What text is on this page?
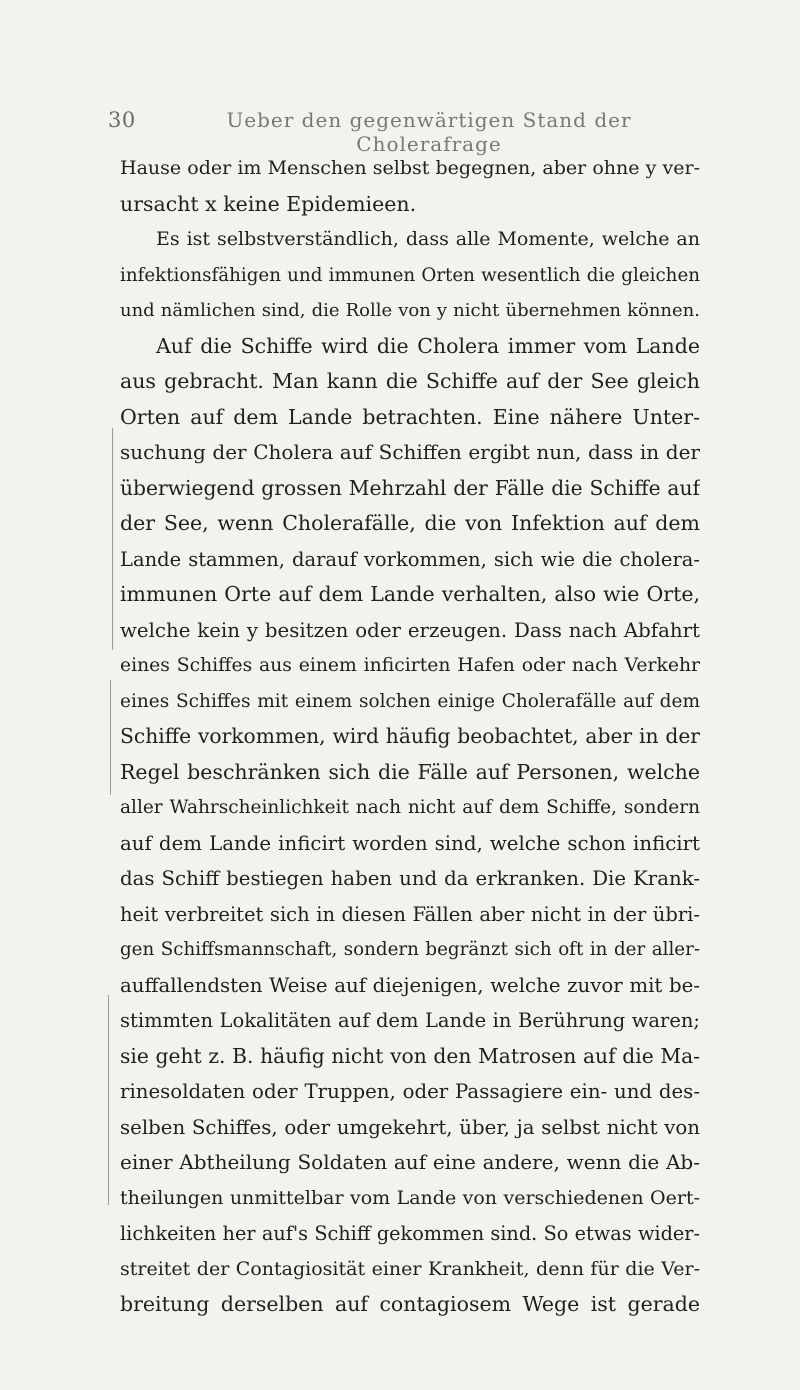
30	Ueber den gegenwärtigen Stand der Cholerafrage
Hause oder im Menschen selbst begegnen, aber ohne y ver-
ursacht x keine Epidemieen.
Es ist selbstverständlich, dass alle Momente, welche an
infektionsfähigen und immunen Orten wesentlich die gleichen
und nämlichen sind, die Rolle von y nicht übernehmen können.
Auf die Schiffe wird die Cholera immer vom Lande
aus gebracht. Man kann die Schiffe auf der See gleich
Orten auf dem Lande betrachten. Eine nähere Unter-
suchung der Cholera auf Schiffen ergibt nun, dass in der
überwiegend grossen Mehrzahl der Fälle die Schiffe auf
der See, wenn Cholerafälle, die von Infektion auf dem
Lande stammen, darauf vorkommen, sich wie die cholera-
immunen Orte auf dem Lande verhalten, also wie Orte,
welche kein y besitzen oder erzeugen. Dass nach Abfahrt
eines Schiffes aus einem inficirten Hafen oder nach Verkehr
eines Schiffes mit einem solchen einige Cholerafälle auf dem
Schiffe vorkommen, wird häufig beobachtet, aber in der
Regel beschränken sich die Fälle auf Personen, welche
aller Wahrscheinlichkeit nach nicht auf dem Schiffe, sondern
auf dem Lande inficirt worden sind, welche schon inficirt
das Schiff bestiegen haben und da erkranken. Die Krank-
heit verbreitet sich in diesen Fällen aber nicht in der übri-
gen Schiffsmannschaft, sondern begränzt sich oft in der aller-
auffallendsten Weise auf diejenigen, welche zuvor mit be-
stimmten Lokalitäten auf dem Lande in Berührung waren;
sie geht z. B. häufig nicht von den Matrosen auf die Ma-
rinesoldaten oder Truppen, oder Passagiere ein- und des-
selben Schiffes, oder umgekehrt, über, ja selbst nicht von
einer Abtheilung Soldaten auf eine andere, wenn die Ab-
theilungen unmittelbar vom Lande von verschiedenen Oert-
lichkeiten her auf's Schiff gekommen sind. So etwas wider-
streitet der Contagiosität einer Krankheit, denn für die Ver-
breitung derselben auf contagiosem Wege ist gerade
